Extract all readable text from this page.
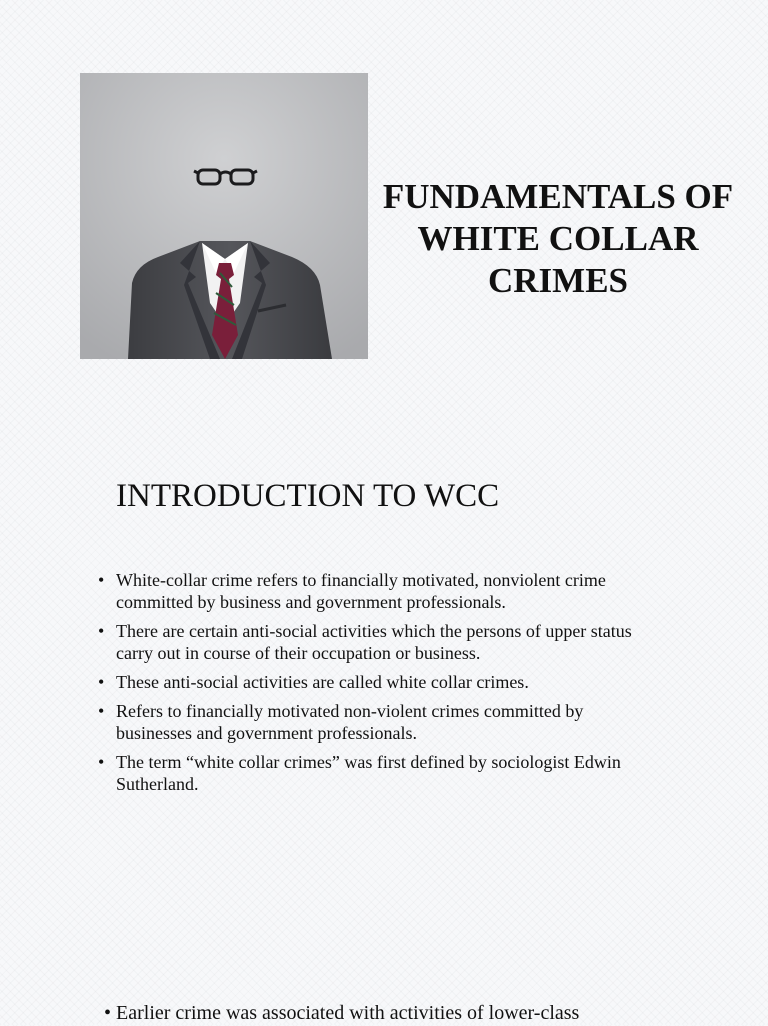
FUNDAMENTALS OF WHITE COLLAR CRIMES
INTRODUCTION TO WCC
• White-collar crime refers to financially motivated, nonviolent crime committed by business and government professionals.
• There are certain anti-social activities which the persons of upper status carry out in course of their occupation or business.
• These anti-social activities are called white collar crimes.
• Refers to financially motivated non-violent crimes committed by businesses and government professionals.
• The term “white collar crimes” was first defined by sociologist Edwin Sutherland.
• Earlier crime was associated with activities of lower-class
